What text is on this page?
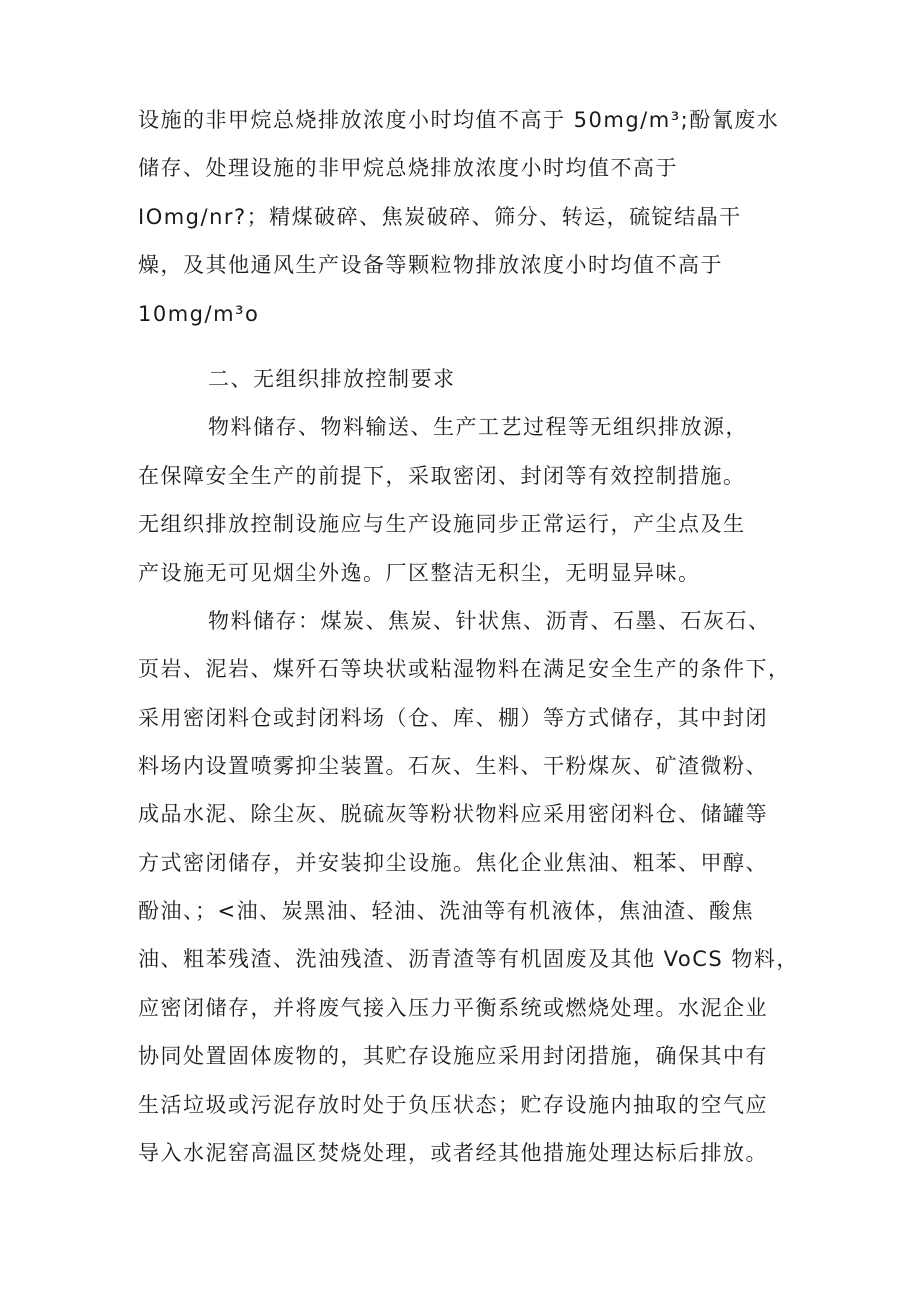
设施的非甲烷总烧排放浓度小时均值不高于 50mg/m³;酚氰废水
储存、处理设施的非甲烷总烧排放浓度小时均值不高于
IOmg/nr?；精煤破碎、焦炭破碎、筛分、转运，硫锭结晶干
燥，及其他通风生产设备等颗粒物排放浓度小时均值不高于
10mg/m³o
二、无组织排放控制要求
物料储存、物料输送、生产工艺过程等无组织排放源，
在保障安全生产的前提下，采取密闭、封闭等有效控制措施。
无组织排放控制设施应与生产设施同步正常运行，产尘点及生
产设施无可见烟尘外逸。厂区整洁无积尘，无明显异味。
物料储存：煤炭、焦炭、针状焦、沥青、石墨、石灰石、
页岩、泥岩、煤歼石等块状或粘湿物料在满足安全生产的条件下，
采用密闭料仓或封闭料场（仓、库、棚）等方式储存，其中封闭
料场内设置喷雾抑尘装置。石灰、生料、干粉煤灰、矿渣微粉、
成品水泥、除尘灰、脱硫灰等粉状物料应采用密闭料仓、储罐等
方式密闭储存，并安装抑尘设施。焦化企业焦油、粗苯、甲醇、
酚油、；<油、炭黑油、轻油、洗油等有机液体，焦油渣、酸焦
油、粗苯残渣、洗油残渣、沥青渣等有机固废及其他 VoCS 物料，
应密闭储存，并将废气接入压力平衡系统或燃烧处理。水泥企业
协同处置固体废物的，其贮存设施应采用封闭措施，确保其中有
生活垃圾或污泥存放时处于负压状态；贮存设施内抽取的空气应
导入水泥窑高温区焚烧处理，或者经其他措施处理达标后排放。
